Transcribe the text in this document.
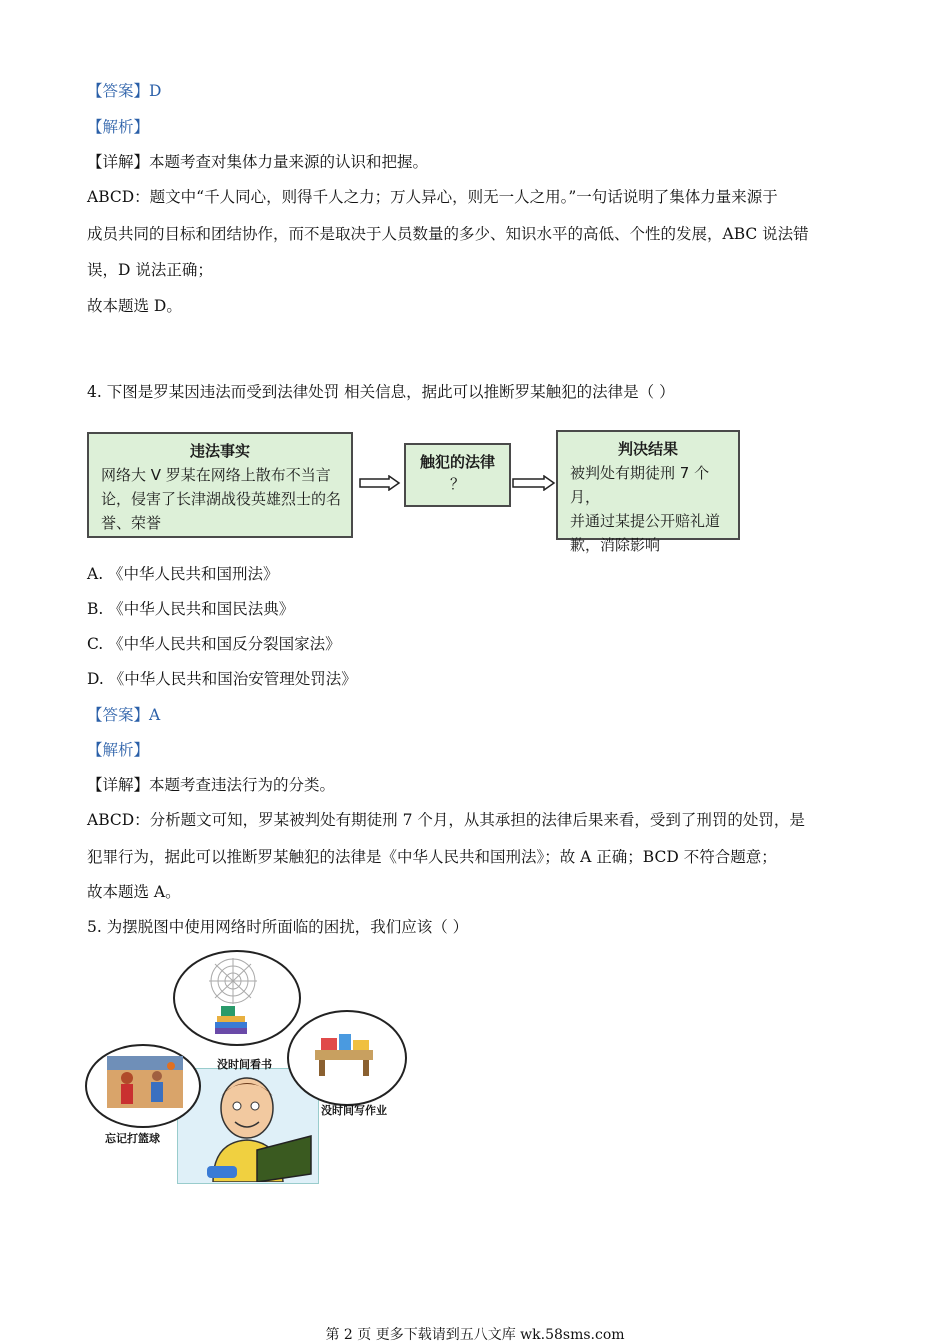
【答案】D
【解析】
【详解】本题考查对集体力量来源的认识和把握。
ABCD：题文中“千人同心，则得千人之力；万人异心，则无一人之用。”一句话说明了集体力量来源于
成员共同的目标和团结协作，而不是取决于人员数量的多少、知识水平的高低、个性的发展，ABC 说法错
误，D 说法正确；
故本题选 D。
4. 下图是罗某因违法而受到法律处罚 相关信息，据此可以推断罗某触犯的法律是（ ）
违法事实
网络大 V 罗某在网络上散布不当言
论，侵害了长津湖战役英雄烈士的名
誉、荣誉
触犯的法律
？
判决结果
被判处有期徒刑 7 个月，
并通过某提公开赔礼道
歉，消除影响
A. 《中华人民共和国刑法》
B. 《中华人民共和国民法典》
C. 《中华人民共和国反分裂国家法》
D. 《中华人民共和国治安管理处罚法》
【答案】A
【解析】
【详解】本题考查违法行为的分类。
ABCD：分析题文可知，罗某被判处有期徒刑 7 个月，从其承担的法律后果来看，受到了刑罚的处罚，是
犯罪行为，据此可以推断罗某触犯的法律是《中华人民共和国刑法》；故 A 正确；BCD 不符合题意；
故本题选 A。
5. 为摆脱图中使用网络时所面临的困扰，我们应该（ ）
没时间看书
忘记打篮球
没时间写作业
第 2 页 更多下载请到五八文库 wk.58sms.com
